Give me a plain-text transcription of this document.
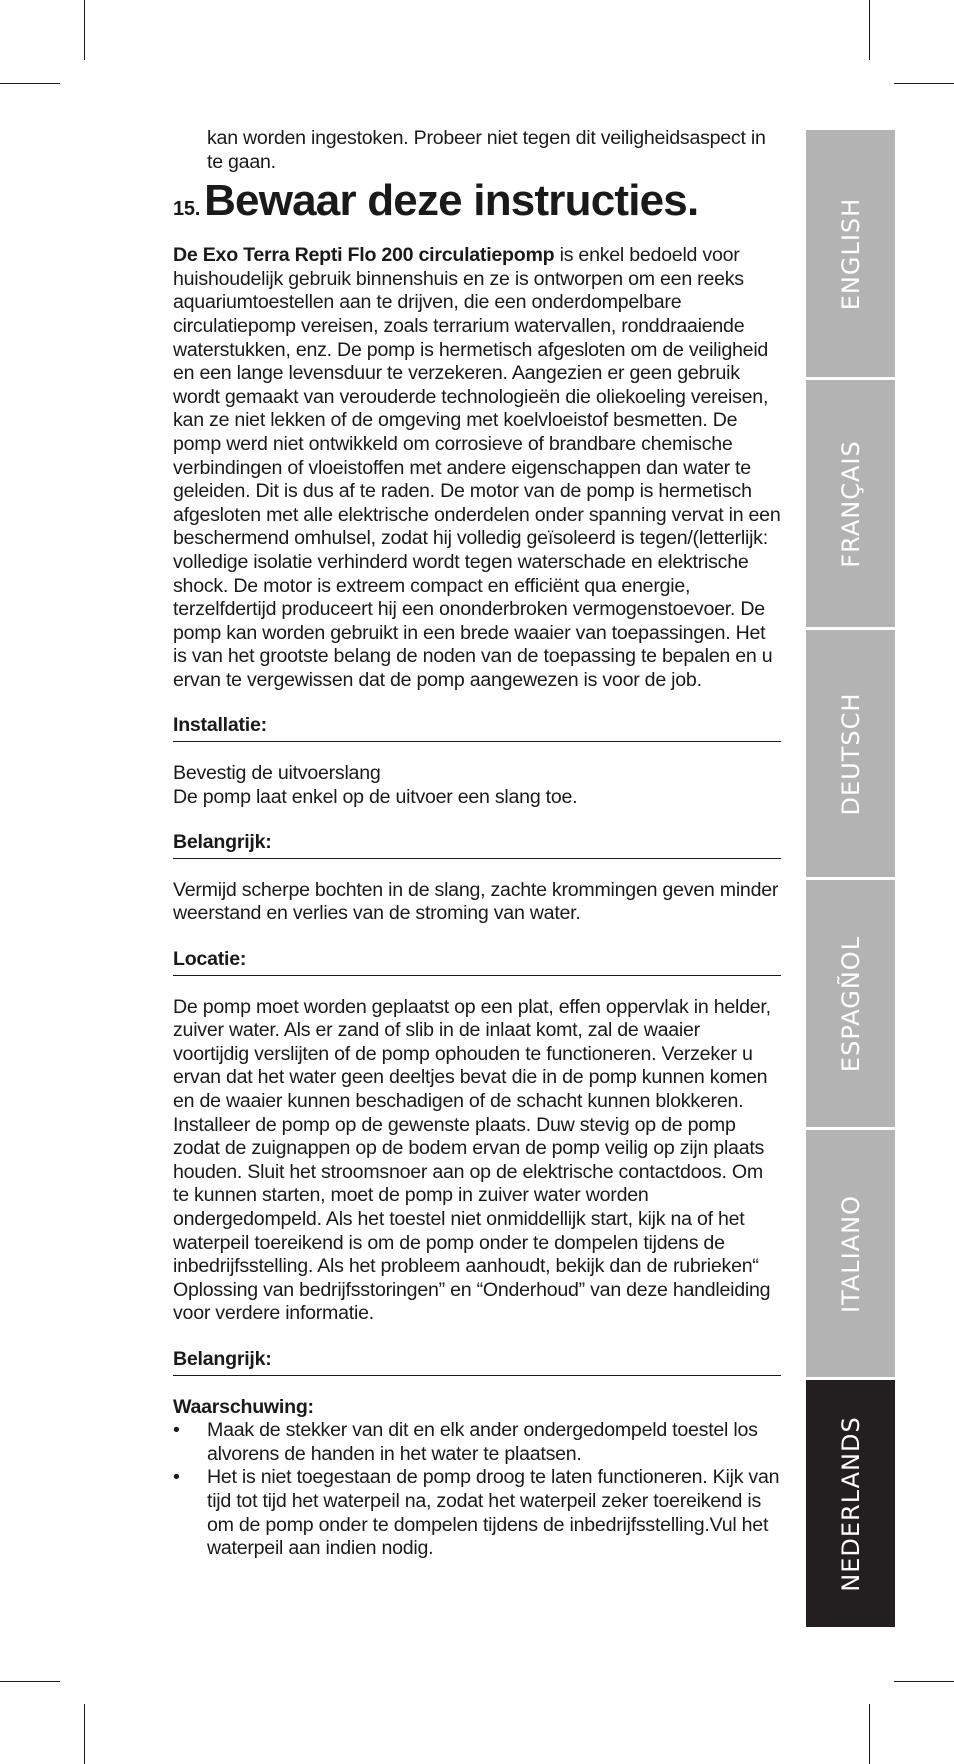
kan worden ingestoken. Probeer niet tegen dit veiligheidsaspect in te gaan.

15. Bewaar deze instructies.

De Exo Terra Repti Flo 200 circulatiepomp is enkel bedoeld voor huishoudelijk gebruik binnenshuis en ze is ontworpen om een reeks aquariumtoestellen aan te drijven, die een onderdompelbare circulatiepomp vereisen, zoals terrarium watervallen, ronddraaiende waterstukken, enz. De pomp is hermetisch afgesloten om de veiligheid en een lange levensduur te verzekeren. Aangezien er geen gebruik wordt gemaakt van verouderde technologieën die oliekoeling vereisen, kan ze niet lekken of de omgeving met koelvloeistof besmetten. De pomp werd niet ontwikkeld om corrosieve of brandbare chemische verbindingen of vloeistoffen met andere eigenschappen dan water te geleiden. Dit is dus af te raden. De motor van de pomp is hermetisch afgesloten met alle elektrische onderdelen onder spanning vervat in een beschermend omhulsel, zodat hij volledig geïsoleerd is tegen/(letterlijk: volledige isolatie verhinderd wordt tegen waterschade en elektrische shock. De motor is extreem compact en efficiënt qua energie, terzelfdertijd produceert hij een ononderbroken vermogenstoevoer. De pomp kan worden gebruikt in een brede waaier van toepassingen. Het is van het grootste belang de noden van de toepassing te bepalen en u ervan te vergewissen dat de pomp aangewezen is voor de job.

Installatie:

Bevestig de uitvoerslang

De pomp laat enkel op de uitvoer een slang toe.

Belangrijk:

Vermijd scherpe bochten in de slang, zachte krommingen geven minder weerstand en verlies van de stroming van water.

Locatie:

De pomp moet worden geplaatst op een plat, effen oppervlak in helder, zuiver water. Als er zand of slib in de inlaat komt, zal de waaier voortijdig verslijten of de pomp ophouden te functioneren. Verzeker u ervan dat het water geen deeltjes bevat die in de pomp kunnen komen en de waaier kunnen beschadigen of de schacht kunnen blokkeren.

Installeer de pomp op de gewenste plaats. Duw stevig op de pomp zodat de zuignappen op de bodem ervan de pomp veilig op zijn plaats houden. Sluit het stroomsnoer aan op de elektrische contactdoos. Om te kunnen starten, moet de pomp in zuiver water worden ondergedompeld. Als het toestel niet onmiddellijk start, kijk na of het waterpeil toereikend is om de pomp onder te dompelen tijdens de inbedrijfsstelling. Als het probleem aanhoudt, bekijk dan de rubrieken“ Oplossing van bedrijfsstoringen” en “Onderhoud” van deze handleiding voor verdere informatie.

Belangrijk:

Waarschuwing:

• Maak de stekker van dit en elk ander ondergedompeld toestel los alvorens de handen in het water te plaatsen.
• Het is niet toegestaan de pomp droog te laten functioneren. Kijk van tijd tot tijd het waterpeil na, zodat het waterpeil zeker toereikend is om de pomp onder te dompelen tijdens de inbedrijfsstelling.Vul het waterpeil aan indien nodig.
ENGLISH
FRANÇAIS
DEUTSCH
ESPAGÑOL
ITALIANO
NEDERLANDS
